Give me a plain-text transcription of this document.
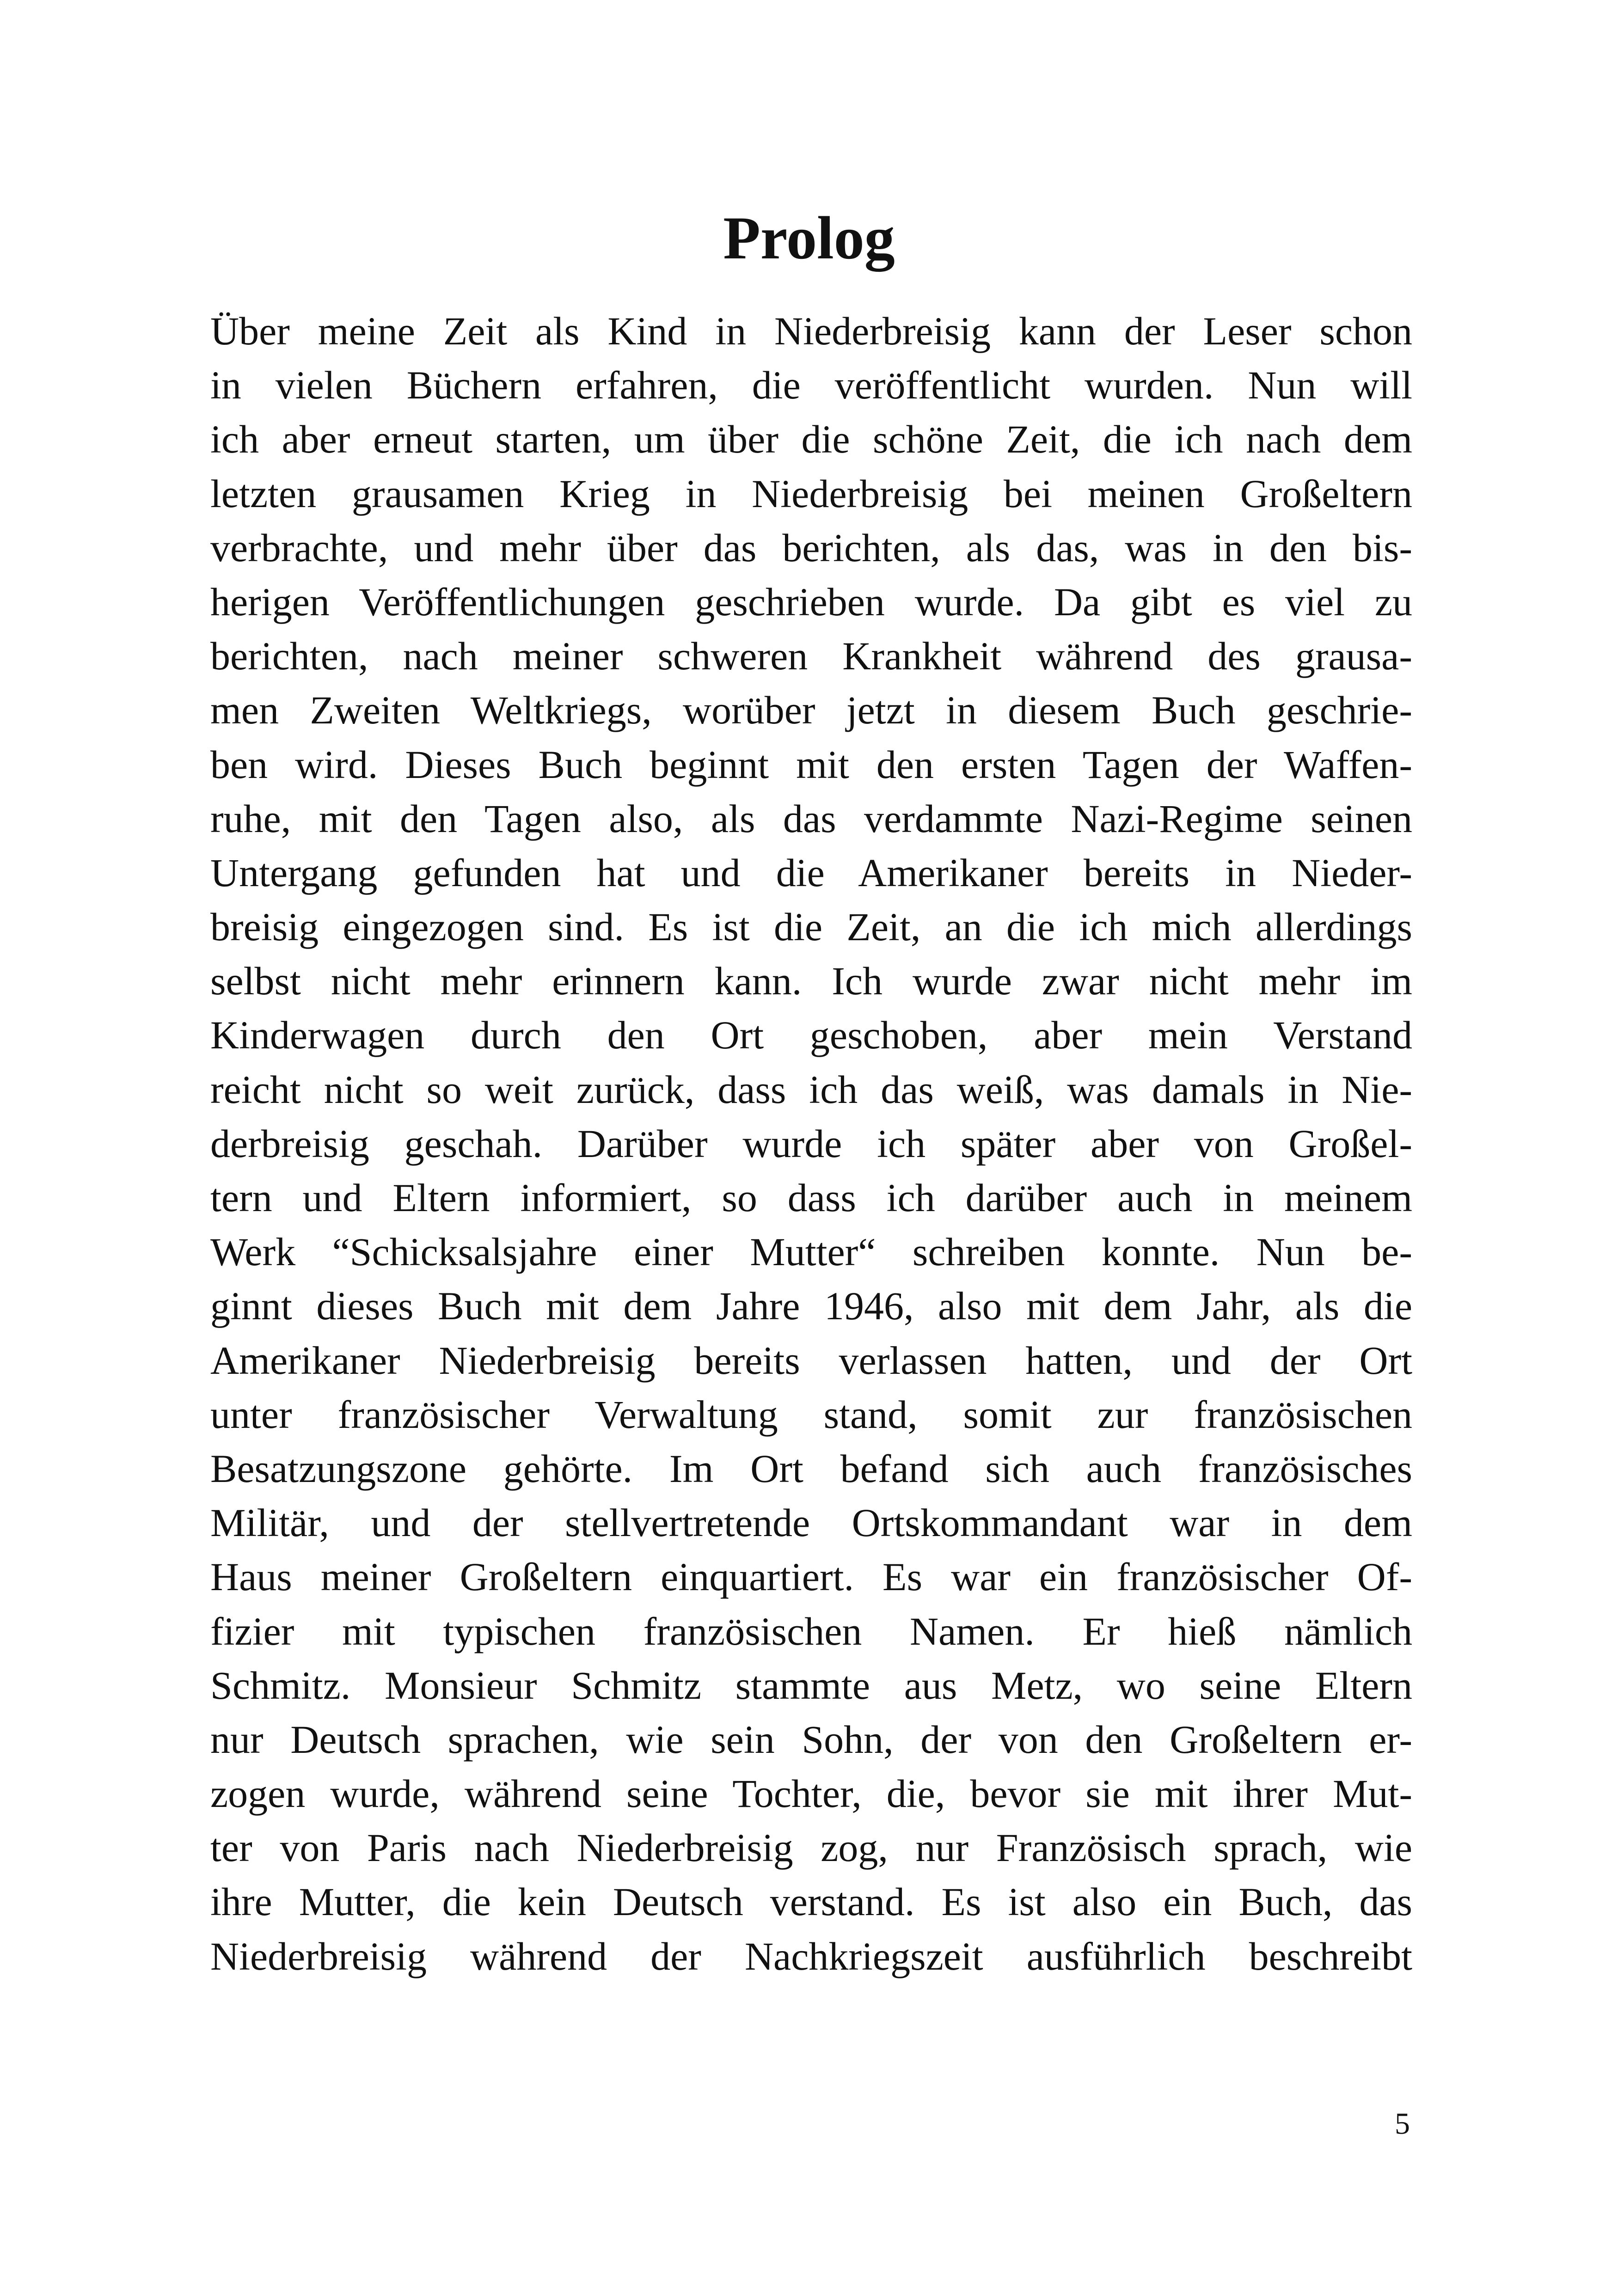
Prolog
Über meine Zeit als Kind in Niederbreisig kann der Leser schon
in vielen Büchern erfahren, die veröffentlicht wurden. Nun will
ich aber erneut starten, um über die schöne Zeit, die ich nach dem
letzten grausamen Krieg in Niederbreisig bei meinen Großeltern
verbrachte, und mehr über das berichten, als das, was in den bis-
herigen Veröffentlichungen geschrieben wurde. Da gibt es viel zu
berichten, nach meiner schweren Krankheit während des grausa-
men Zweiten Weltkriegs, worüber jetzt in diesem Buch geschrie-
ben wird. Dieses Buch beginnt mit den ersten Tagen der Waffen-
ruhe, mit den Tagen also, als das verdammte Nazi-Regime seinen
Untergang gefunden hat und die Amerikaner bereits in Nieder-
breisig eingezogen sind. Es ist die Zeit, an die ich mich allerdings
selbst nicht mehr erinnern kann. Ich wurde zwar nicht mehr im
Kinderwagen durch den Ort geschoben, aber mein Verstand
reicht nicht so weit zurück, dass ich das weiß, was damals in Nie-
derbreisig geschah. Darüber wurde ich später aber von Großel-
tern und Eltern informiert, so dass ich darüber auch in meinem
Werk “Schicksalsjahre einer Mutter“ schreiben konnte. Nun be-
ginnt dieses Buch mit dem Jahre 1946, also mit dem Jahr, als die
Amerikaner Niederbreisig bereits verlassen hatten, und der Ort
unter französischer Verwaltung stand, somit zur französischen
Besatzungszone gehörte. Im Ort befand sich auch französisches
Militär, und der stellvertretende Ortskommandant war in dem
Haus meiner Großeltern einquartiert. Es war ein französischer Of-
fizier mit typischen französischen Namen. Er hieß nämlich
Schmitz. Monsieur Schmitz stammte aus Metz, wo seine Eltern
nur Deutsch sprachen, wie sein Sohn, der von den Großeltern er-
zogen wurde, während seine Tochter, die, bevor sie mit ihrer Mut-
ter von Paris nach Niederbreisig zog, nur Französisch sprach, wie
ihre Mutter, die kein Deutsch verstand. Es ist also ein Buch, das
Niederbreisig während der Nachkriegszeit ausführlich beschreibt
5
